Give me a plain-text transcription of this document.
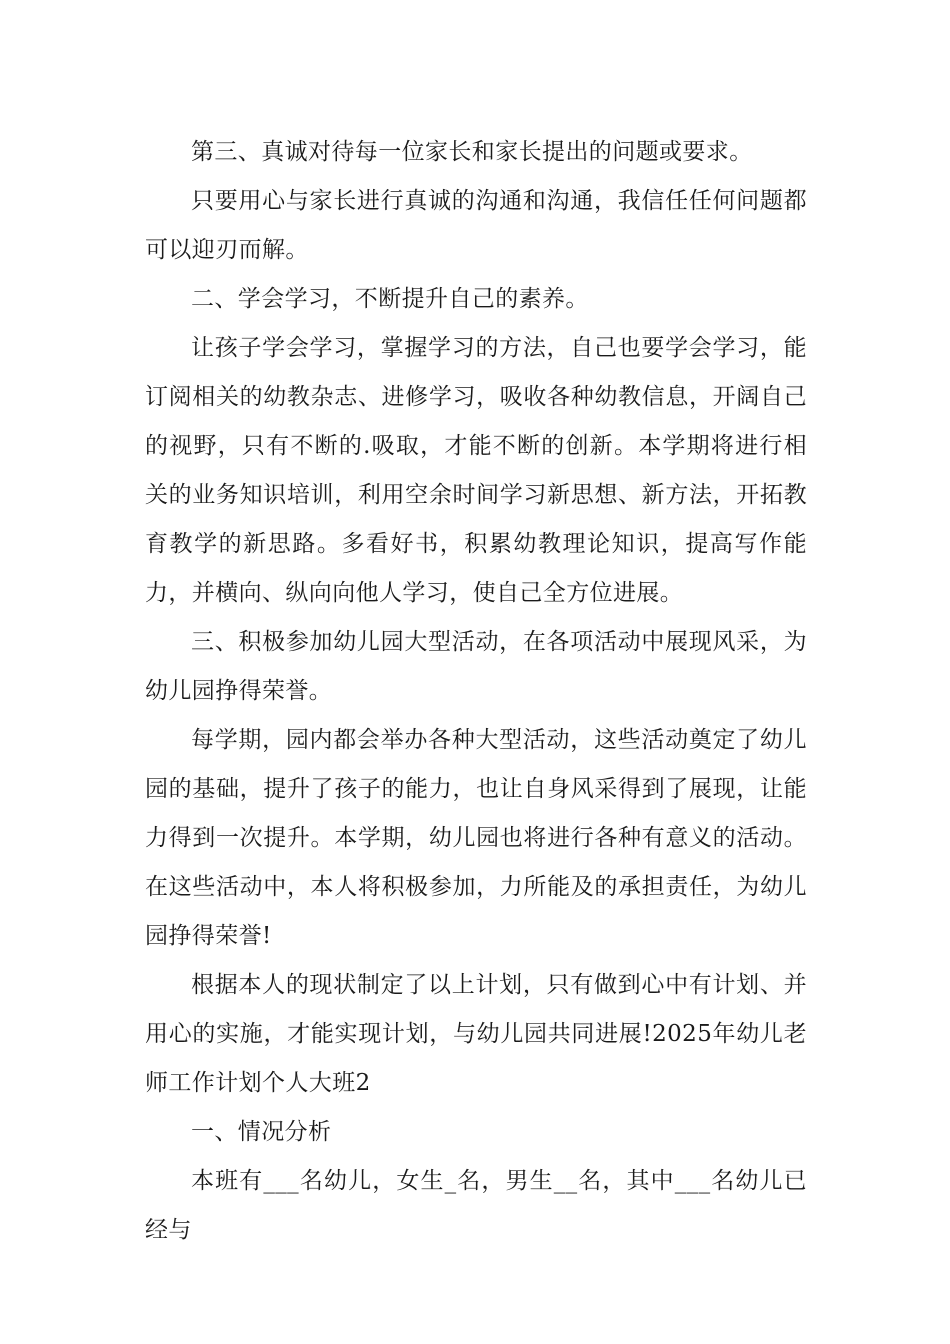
第三、真诚对待每一位家长和家长提出的问题或要求。

只要用心与家长进行真诚的沟通和沟通，我信任任何问题都可以迎刃而解。

二、学会学习，不断提升自己的素养。

让孩子学会学习，掌握学习的方法，自己也要学会学习，能订阅相关的幼教杂志、进修学习，吸收各种幼教信息，开阔自己的视野，只有不断的.吸取，才能不断的创新。本学期将进行相关的业务知识培训，利用空余时间学习新思想、新方法，开拓教育教学的新思路。多看好书，积累幼教理论知识，提高写作能力，并横向、纵向向他人学习，使自己全方位进展。

三、积极参加幼儿园大型活动，在各项活动中展现风采，为幼儿园挣得荣誉。

每学期，园内都会举办各种大型活动，这些活动奠定了幼儿园的基础，提升了孩子的能力，也让自身风采得到了展现，让能力得到一次提升。本学期，幼儿园也将进行各种有意义的活动。在这些活动中，本人将积极参加，力所能及的承担责任，为幼儿园挣得荣誉!

根据本人的现状制定了以上计划，只有做到心中有计划、并用心的实施，才能实现计划，与幼儿园共同进展!2025年幼儿老师工作计划个人大班2

一、情况分析

本班有___名幼儿，女生_名，男生__名，其中___名幼儿已经与
